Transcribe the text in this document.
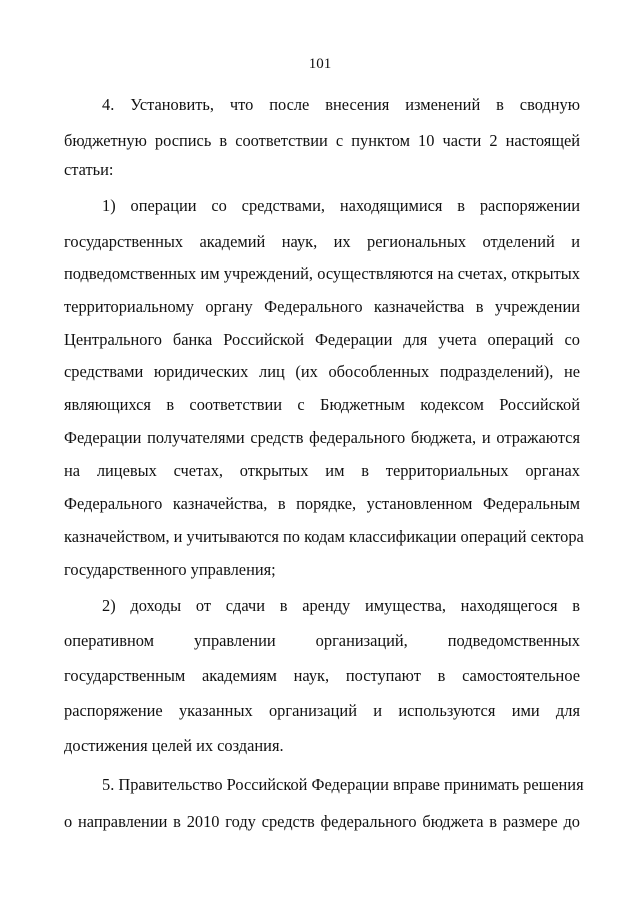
101
4. Установить, что после внесения изменений в сводную
бюджетную роспись в соответствии с пунктом 10 части 2 настоящей
статьи:
1) операции со средствами, находящимися в распоряжении
государственных академий наук, их региональных отделений и
подведомственных им учреждений, осуществляются на счетах, открытых
территориальному органу Федерального казначейства в учреждении
Центрального банка Российской Федерации для учета операций со
средствами юридических лиц (их обособленных подразделений), не
являющихся в соответствии с Бюджетным кодексом Российской
Федерации получателями средств федерального бюджета, и отражаются
на лицевых счетах, открытых им в территориальных органах
Федерального казначейства, в порядке, установленном Федеральным
казначейством, и учитываются по кодам классификации операций сектора
государственного управления;
2) доходы от сдачи в аренду имущества, находящегося в
оперативном управлении организаций, подведомственных
государственным академиям наук, поступают в самостоятельное
распоряжение указанных организаций и используются ими для
достижения целей их создания.
5. Правительство Российской Федерации вправе принимать решения
о направлении в 2010 году средств федерального бюджета в размере до
